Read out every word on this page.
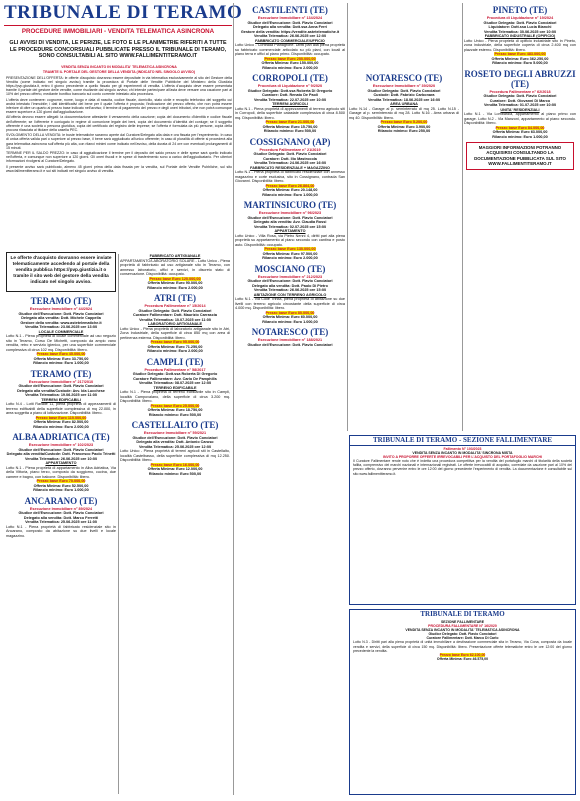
TRIBUNALE DI TERAMO
PROCEDURE IMMOBILIARI - VENDITA TELEMATICA ASINCRONA
GLI AVVISI DI VENDITA, LE PERIZIE, LE FOTO E LE PLANIMETRIE RIFERITI A TUTTE LE PROCEDURE CONCORSUALI PUBBLICATE PRESSO IL TRIBUNALE DI TERAMO, SONO CONSULTABILI AL SITO WWW.FALLIMENTITERAMO.IT

VENDITA SENZA INCANTO IN MODALITA' TELEMATICA ASINCRONA

TRAMITE IL PORTALE DEL GESTORE DELLA VENDITA (INDICATO NEL SINGOLO AVVISO)

PRESENTAZIONE DELL'OFFERTA: le offerte d'acquisto dovranno essere depositate in via telematica esclusivamente al sito del Gestore della Vendita (come indicato nel singolo avviso) tramite la procedura di Portale delle Vendite Pubbliche del Ministero della Giustizia https://pvp.giustizia.it, entro il giorno precedente a quello fissato per gli esperimenti di vendita. L'offerta d'acquisto deve essere presentata tramite il portale del gestore delle vendite, come risultante dal singolo avviso; chi intende partecipare all'asta deve versare una cauzione pari al 10% del prezzo offerto, mediante bonifico bancario sul conto corrente intestato alla procedura.

L'offerta deve contenere: cognome, nome, luogo e data di nascita, codice fiscale, domicilio, stato civile e recapito telefonico del soggetto cui andrà intestato l'immobile; i dati identificativi del bene per il quale l'offerta è proposta; l'indicazione del prezzo offerto, che non potrà essere inferiore di oltre un quarto al prezzo base indicato nell'avviso; il termine di pagamento del prezzo e degli oneri tributari, che non potrà comunque essere superiore a 120 giorni dall'aggiudicazione.

All'offerta devono essere allegati: la documentazione attestante il versamento della cauzione; copia del documento d'identità e codice fiscale dell'offerente; se l'offerente è coniugato in regime di comunione legale dei beni, copia del documento d'identità del coniuge; se il soggetto offerente è una società o persona giuridica, copia del certificato del registro delle imprese; se l'offerta è formulata da più persone, copia della procura rilasciata al titolare della casella PEC.

SVOLGIMENTO DELLA VENDITA: le buste telematiche saranno aperte dal Curatore/Delegato alla data e ora fissata per l'esperimento. In caso di unica offerta valida pari o superiore al prezzo base, il bene sarà aggiudicato all'unico offerente; in caso di pluralità di offerte si procederà alla gara telematica asincrona sull'offerta più alta, con rilanci minimi come indicato nell'avviso, della durata di 24 ore con eventuali prolungamenti di 15 minuti.

TERMINE PER IL SALDO PREZZO: in caso di aggiudicazione il termine per il deposito del saldo prezzo e delle spese sarà quello indicato nell'offerta, e comunque non superiore a 120 giorni. Gli oneri fiscali e le spese di trasferimento sono a carico dell'aggiudicatario. Per ulteriori informazioni rivolgersi al Curatore/Delegato.

Il presente avviso sarà pubblicato, almeno 45 giorni prima della data fissata per la vendita, sul Portale delle Vendite Pubbliche, sul sito www.fallimentiteramo.it e sui siti indicati nel singolo avviso di vendita.

Le offerte d'acquisto dovranno essere inviate telematicamente accedendo al portale della vendita pubblica https://pvp.giustizia.it o tramite il sito web del gestore della vendita indicato nel singolo avviso.
TERAMO (TE)
Esecuzione Immobiliare n° 44/2024
Giudice dell'Esecuzione: Dott. Flavio Conciatori
Delegato alla vendita: Dott. Michele Cappella
Gestore della vendita: www.astetelematiche.it
Vendita Telematica: 23.06.2025 ore 13:00
LOCALE COMMERCIALE
Lotto N.1 - Piena proprietà di locale commerciale ad uso negozio sito in Teramo, Corso De Michetti, composto da ampio vano vendita, retro e servizio igienico, per una superficie commerciale complessiva di circa 102 mq. Disponibilità: libero.
Prezzo base Euro 45.000,00
Offerta Minima: Euro 33.750,00
Rilancio minimo: Euro 1.000,00
TERAMO (TE)
Esecuzione Immobiliare n° 217/2010
Giudice dell'Esecuzione: Dott. Flavio Conciatori
Delegato alla vendita/Custode: Avv. Ida Lucchese
Vendita Telematica: 19.06.2025 ore 11:00
TERRENI EDIFICABILI
Lotto N.4 - Lotti Ravalle 11, piena proprietà di appezzamenti di terreno edificabili della superficie complessiva di mq 22.000, in area soggetta a piano di lottizzazione. Disponibilità: libero.
Prezzo base Euro 110.000,00
Offerta Minima: Euro 82.500,00
Rilancio minimo: Euro 2.000,00
ALBA ADRIATICA (TE)
Esecuzione Immobiliare n° 102/2023
Giudice dell'Esecuzione: Dott. Flavio Conciatori
Delegato alla vendita/Custode: Dott. Francesco Paolo Trinetti
Vendita Telematica: 26.06.2025 ore 10:00
APPARTAMENTO
Lotto N.1 - Piena proprietà di appartamento in Alba Adriatica, Via della Vittoria, piano terzo, composto da soggiorno, cucina, due camere e bagno, con balcone. Disponibilità: libero.
Prezzo base Euro 70.000,00
Offerta Minima: Euro 52.500,00
Rilancio minimo: Euro 1.000,00
ANCARANO (TE)
Esecuzione Immobiliare n° 89/2024
Giudice dell'Esecuzione: Dott. Flavio Conciatori
Delegato alla vendita: Dott. Marco Ferretti
Vendita Telematica: 25.06.2025 ore 11:00
Lotto N.1 - Piena proprietà di fabbricato residenziale sito in Ancarano, composto da abitazione su due livelli e locale magazzino.
FABBRICATO ARTIGIANALE
APPARTAMENTO/LABORATORIO SOLARE - Lotto Unico - Piena proprietà di fabbricato ad uso artigianale sito in Teramo, con annesso laboratorio, uffici e servizi, in discreto stato di conservazione. Disponibilità: occupato.
Prezzo base Euro 120.000,00
Offerta Minima: Euro 90.000,00
Rilancio minimo: Euro 2.000,00
ATRI (TE)
Procedura Fallimentare n° 15/2014
Giudice Delegato: Dott. Flavio Conciatori
Curatore Fallimentare: Dott. Maurizio Carrascia
Vendita Telematica: 10.07.2025 ore 11:00
LABORATORIO ARTIGIANALE
Lotto Unico - Piena proprietà di laboratorio artigianale sito in Atri, Zona Industriale, della superficie di circa 850 mq con area di pertinenza esterna. Disponibilità: libero.
Prezzo base Euro 95.000,00
Offerta Minima: Euro 71.250,00
Rilancio minimo: Euro 2.000,00
CAMPLI (TE)
Procedura Fallimentare n° 58/2017
Giudice Delegato: Dott.ssa Roberta Di Gregorio
Curatore Fallimentare: Avv. Carlo De Pamphilis
Vendita Telematica: 08.07.2025 ore 12:00
TERRENO EDIFICABILE
Lotto N.1 - Piena proprietà di terreno edificabile sito in Campli, località Campovalano, della superficie di circa 3.200 mq. Disponibilità: libero.
Prezzo base Euro 25.000,00
Offerta Minima: Euro 18.750,00
Rilancio minimo: Euro 500,00
CASTELLALTO (TE)
Esecuzione Immobiliare n° 59/2021
Giudice dell'Esecuzione: Dott. Flavio Conciatori
Delegato alla vendita: Dott. Antonio Caruso
Vendita Telematica: 25.06.2025 ore 12:00
Lotto Unico - Piena proprietà di terreni agricoli siti in Castellalto, località Castelbasso, della superficie complessiva di mq 12.250. Disponibilità: libero.
Prezzo base Euro 16.000,00
Offerta Minima: Euro 12.000,00
Rilancio minimo: Euro 500,00
CASTILENTI (TE)
Esecuzione Immobiliare n° 134/2024
Giudice dell'Esecuzione: Dott. Flavio Conciatori
Delegato alla vendita: Dott.ssa Anna Ferri
Gestore della vendita: https://vendite.astetelematiche.it
Vendita Telematica: 26.06.2025 ore 12:00
FABBRICATO COMMERCIALE/UFFICIO
Lotto Unico - Contrada Pianagrone. Diritti pari alla piena proprietà su fabbricato commerciale articolato su più piani, con locali al piano terra e uffici al piano primo. Disponibilità: occupato.
Prezzo base Euro 200.000,00
Offerta Minima: Euro 150.000,00
Rilancio minimo: Euro 2.000,00
CORROPOLI (TE)
Procedura di Liquidazione n° 9/2020
Giudice Delegato: Dott.ssa Roberta Di Gregorio
Curatore: Dott. Renato De Paoli
Vendita Telematica: 22.07.2025 ore 10:00
TERRENI AGRICOLI
Lotto N.1 - Piena proprietà di appezzamenti di terreno agricolo siti in Corropoli, della superficie catastale complessiva di circa 8.500 mq. Disponibilità: libero.
Prezzo base Euro 21.000,00
Offerta Minima: Euro 15.750,00
Rilancio minimo: Euro 500,00
COSSIGNANO (AP)
Procedura Fallimentare n° 21/2019
Giudice Delegato: Dott. Flavio Conciatori
Curatore: Dott. Ilio Mastrocola
Vendita Telematica: 24.06.2025 ore 16:00
FABBRICATO RESIDENZIALE + MAGAZZINO
Lotto N.1 - Piena proprietà di fabbricato residenziale con annesso magazzino e corte esclusiva, sito in Cossignano, contrada San Giovanni. Disponibilità: libero.
Prezzo base Euro 26.864,00
Offerta Minima: Euro 20.148,00
Rilancio minimo: Euro 1.000,00
MARTINSICURO (TE)
Esecuzione Immobiliare n° 96/2023
Giudice dell'Esecuzione: Dott. Flavio Conciatori
Delegato alla vendita: Avv. Claudia Rossi
Vendita Telematica: 02.07.2025 ore 15:00
APPARTAMENTO
Lotto Unico - Villa Rosa, via Pietro Nenni 4, diritti pari alla piena proprietà su appartamento al piano secondo con cantina e posto auto. Disponibilità: occupato.
Prezzo base Euro 130.000,00
Offerta Minima: Euro 97.500,00
Rilancio minimo: Euro 2.000,00
MOSCIANO (TE)
Esecuzione Immobiliare n° 212/2023
Giudice dell'Esecuzione: Dott. Flavio Conciatori
Delegato alla vendita: Dott. Paolo Di Pietro
Vendita Telematica: 26.06.2025 ore 15:00
ABITAZIONE CON TERRENO AGRICOLO
Lotto N.1 - Via Colle Trinita, piena proprietà di abitazione su due livelli con terreno agricolo circostante della superficie di circa 4.000 mq. Disponibilità: libero.
Prezzo base Euro 80.000,00
Offerta Minima: Euro 60.000,00
Rilancio minimo: Euro 1.000,00
NOTARESCO (TE)
Esecuzione Immobiliare n° 188/2021
Giudice dell'Esecuzione: Dott. Flavio Conciatori
NOTARESCO (TE)
Esecuzione Immobiliare n° 39/2020
Giudice Delegato: Dott. Flavio Conciatori
Custode: Dott. Fabrizio Carbonara
Vendita Telematica: 18.06.2025 ore 16:00
AREA URBANA
Lotto N.14 - Garage al p. seminterrato di mq 25. Lotto N.15 - Garage al p. seminterrato di mq 28. Lotto N.16 - Area urbana di mq 40. Disponibilità: libero.
Prezzo base Euro 5.200,00
Offerta Minima: Euro 3.900,00
Rilancio minimo: Euro 250,00
PINETO (TE)
Procedura di Liquidazione n° 19/2024
Giudice Delegato: Dott. Flavio Conciatori
Liquidatore: Dott.ssa Lucia Bianchi
Vendita Telematica: 30.06.2025 ore 10:00
FABBRICATO INDUSTRIALE (OPIFICIO)
Lotto Unico - Piena proprietà di opificio industriale sito in Pineto, zona industriale, della superficie coperta di circa 2.400 mq con piazzale esterno. Disponibilità: libero.
Prezzo base Euro 483.000,00
Offerta Minima: Euro 362.250,00
Rilancio minimo: Euro 5.000,00
ROSETO DEGLI ABRUZZI (TE)
Procedura Fallimentare n° 62/2018
Giudice Delegato: Dott. Flavio Conciatori
Curatore: Dott. Giovanni Di Marco
Vendita Telematica: 01.07.2025 ore 10:00
UNITA' RESIDENZIALI
Lotto N.1 - Via Lombardia, appartamento al piano primo con garage. Lotto N.2 - Via Manzoni, appartamento al piano secondo. Disponibilità: libero.
Prezzo base Euro 84.000,00
Offerta Minima: Euro 63.000,00
Rilancio minimo: Euro 1.000,00
MAGGIORI INFORMAZIONI POTRANNO ACQUISIRSI CONSULTANDO LA DOCUMENTAZIONE PUBBLICATA SUL SITO WWW.FALLIMENTITERAMO.IT
TRIBUNALE DI TERAMO - SEZIONE FALLIMENTARE
Fallimento N° 103/2023
VENDITA SENZA INCANTO IN MODALITA' SINCRONA MISTA
INVITO A PROPORRE OFFERTE IRREVOCABILI PER L'ACQUISTO DEL PORTAFOGLIO MARCHI
Il Curatore Fallimentare rende noto che è indetta una procedura competitiva per la vendita del portafoglio marchi di titolarità della società fallita, comprensivo dei marchi nazionali e internazionali registrati. Le offerte irrevocabili di acquisto, corredate da cauzione pari al 10% del prezzo offerto, dovranno pervenire entro le ore 12:00 del giorno precedente l'esperimento di vendita. La documentazione è consultabile sul sito www.fallimentiteramo.it.
TRIBUNALE DI TERAMO
SEZIONE FALLIMENTARE
PROCEDURA FALLIMENTARE N° 16/2020
VENDITA SENZA INCANTO IN MODALITA' TELEMATICA ASINCRONA
Giudice Delegato: Dott. Flavio Conciatori
Curatore Fallimentare: Dott. Marco Di Carlo
Lotto N.3 - Diritti pari alla piena proprietà di unità immobiliare a destinazione commerciale sita in Teramo, Via Cona, composta da locale vendita e servizi, della superficie di circa 150 mq. Disponibilità: libero. Presentazione offerte telematiche entro le ore 12:00 del giorno precedente la vendita.
Prezzo base Euro 62.100,00
Offerta Minima: Euro 46.575,00
